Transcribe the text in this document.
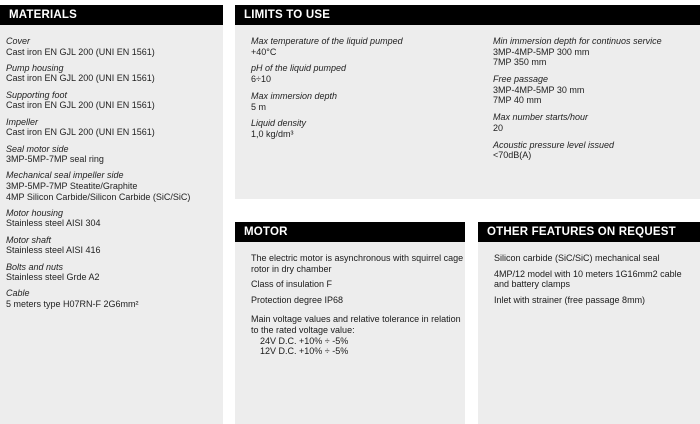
MATERIALS
Cover
Cast iron EN GJL 200 (UNI EN 1561)
Pump housing
Cast iron EN GJL 200 (UNI EN 1561)
Supporting foot
Cast iron EN GJL 200 (UNI EN 1561)
Impeller
Cast iron EN GJL 200 (UNI EN 1561)
Seal motor side
3MP-5MP-7MP seal ring
Mechanical seal impeller side
3MP-5MP-7MP Steatite/Graphite
4MP Silicon Carbide/Silicon Carbide (SiC/SiC)
Motor housing
Stainless steel AISI 304
Motor shaft
Stainless steel AISI 416
Bolts and nuts
Stainless steel Grde A2
Cable
5 meters type H07RN-F 2G6mm²
LIMITS TO USE
Max temperature of the liquid pumped
+40°C
pH of the liquid pumped
6÷10
Max immersion depth
5 m
Liquid density
1,0 kg/dm³
Min immersion depth for continuos service
3MP-4MP-5MP 300 mm
7MP 350 mm
Free passage
3MP-4MP-5MP 30 mm
7MP 40 mm
Max number starts/hour
20
Acoustic pressure level issued
<70dB(A)
MOTOR
The electric motor is asynchronous with squirrel cage rotor in dry chamber
Class of insulation F
Protection degree IP68
Main voltage values and relative tolerance in relation to the rated voltage value:
24V D.C. +10% ÷ -5%
12V D.C. +10% ÷ -5%
OTHER FEATURES ON REQUEST
Silicon carbide (SiC/SiC) mechanical seal
4MP/12 model with 10 meters 1G16mm2 cable
and battery clamps
Inlet with strainer (free passage 8mm)
